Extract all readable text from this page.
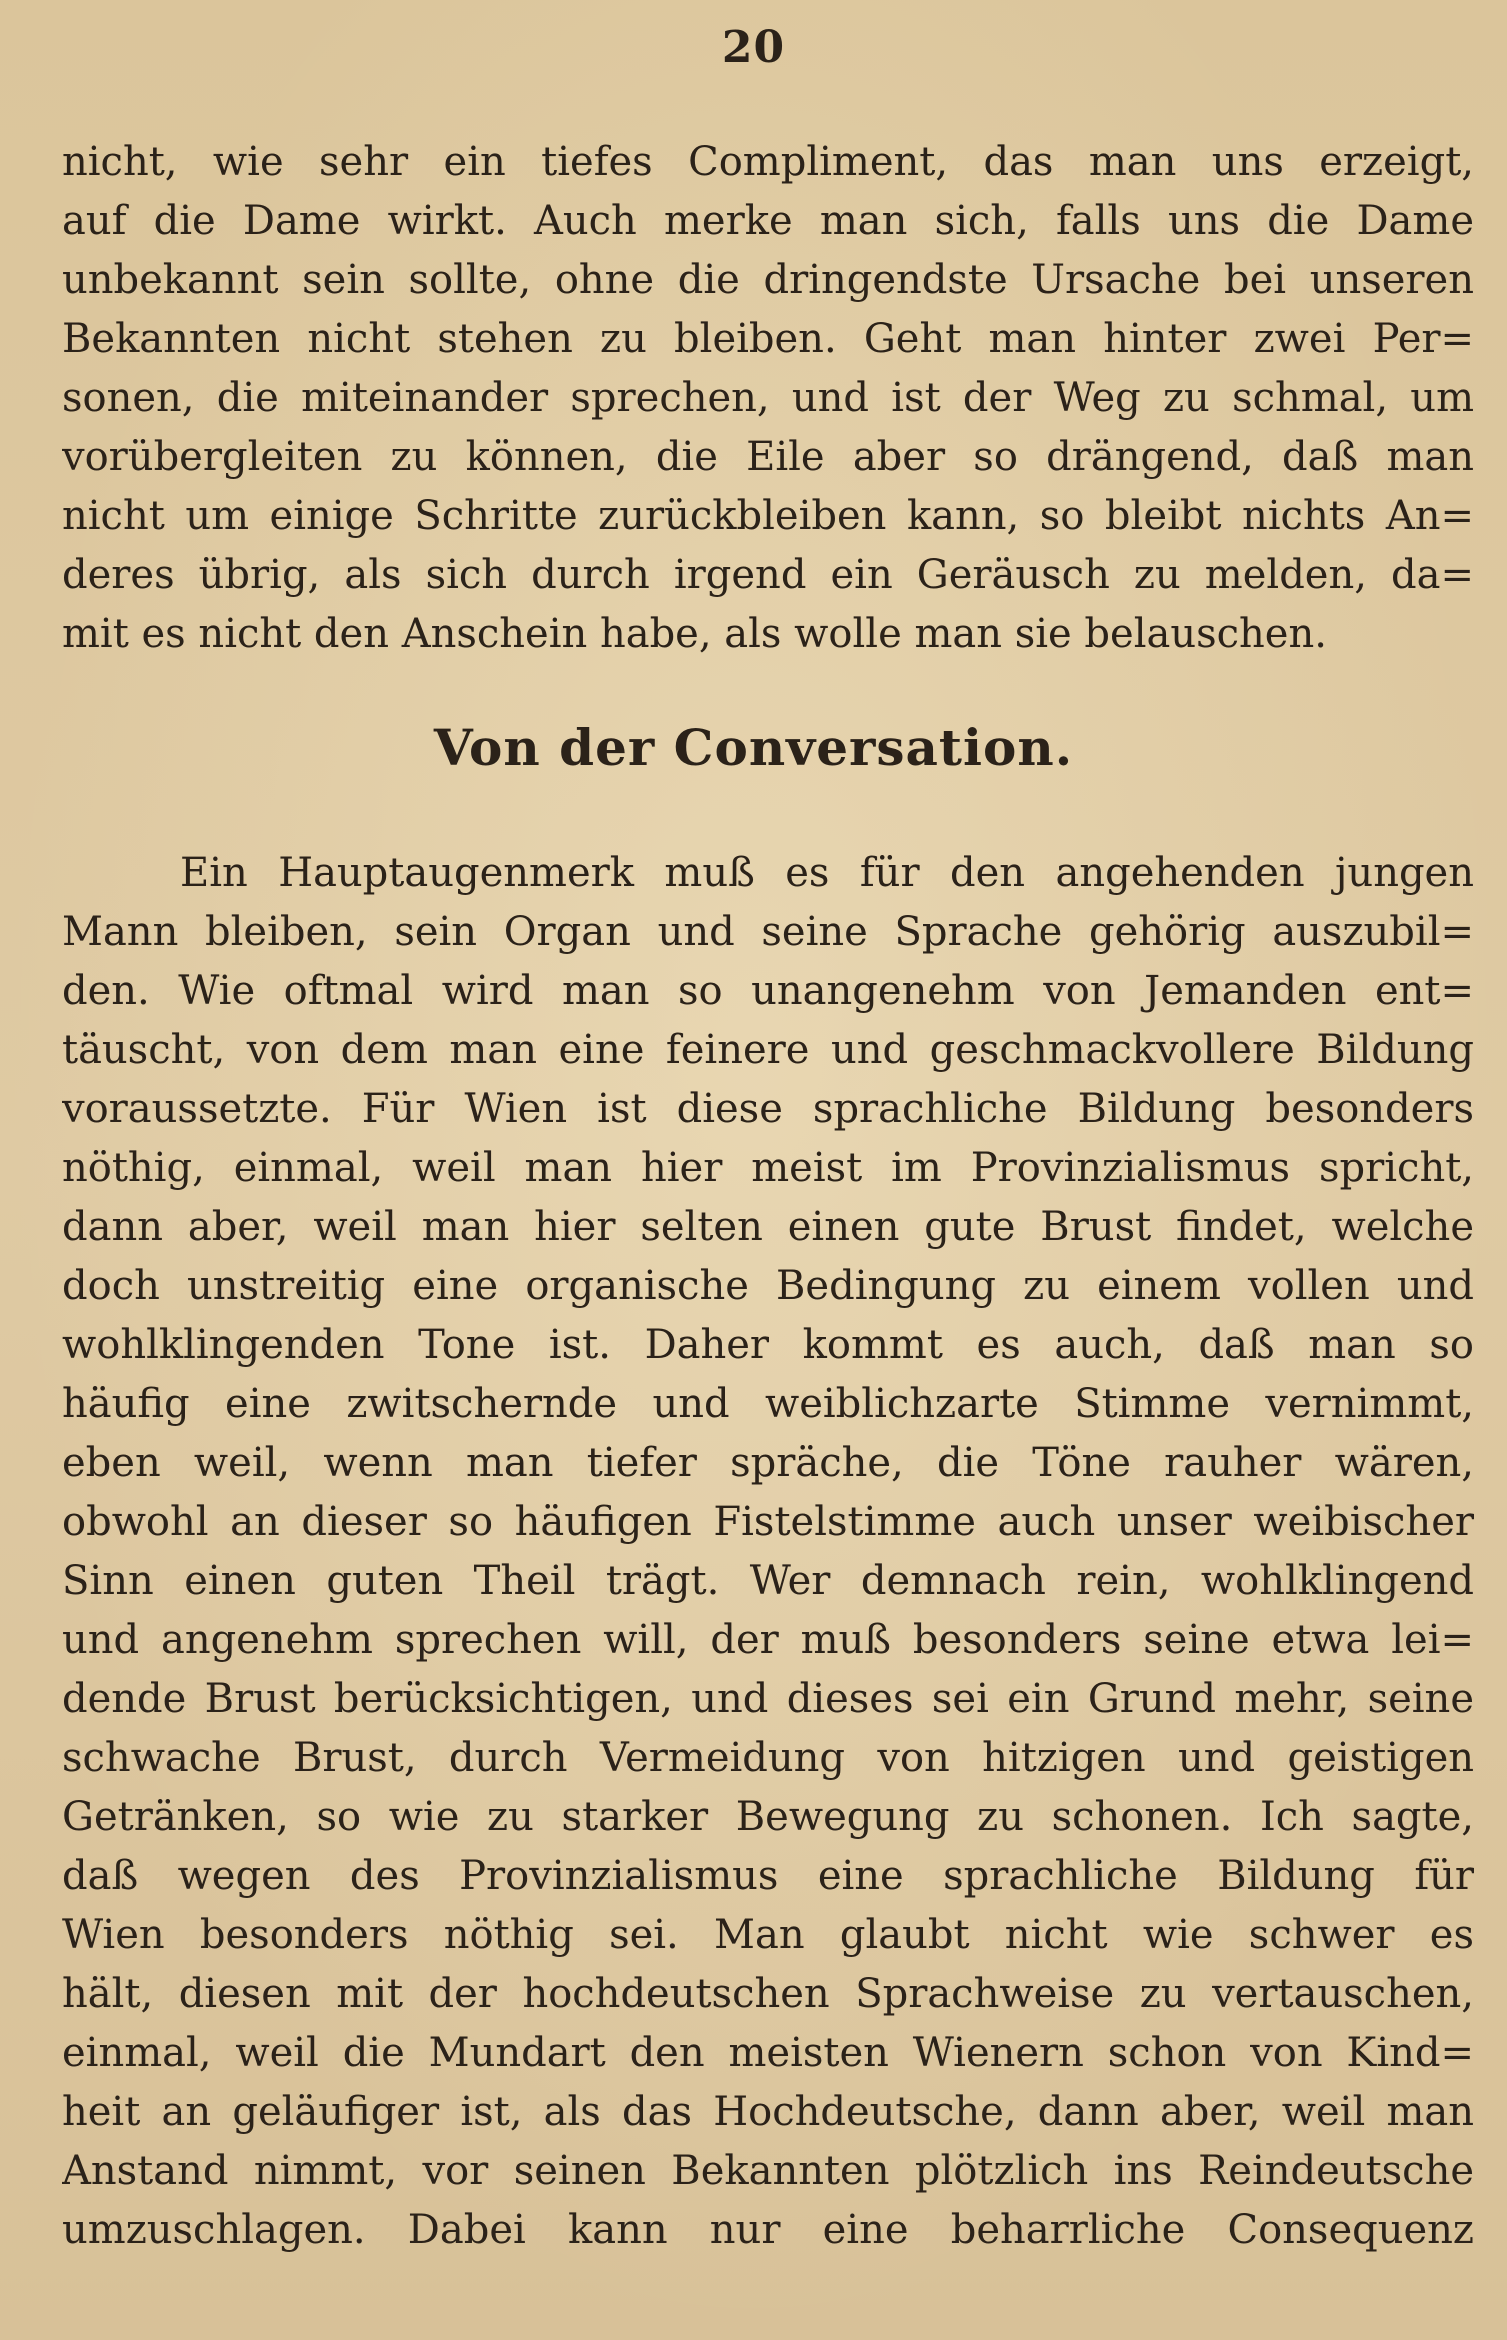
20
nicht, wie sehr ein tiefes Compliment, das man uns erzeigt,
auf die Dame wirkt. Auch merke man sich, falls uns die Dame
unbekannt sein sollte, ohne die dringendste Ursache bei unseren
Bekannten nicht stehen zu bleiben. Geht man hinter zwei Per=
sonen, die miteinander sprechen, und ist der Weg zu schmal, um
vorübergleiten zu können, die Eile aber so drängend, daß man
nicht um einige Schritte zurückbleiben kann, so bleibt nichts An=
deres übrig, als sich durch irgend ein Geräusch zu melden, da=
mit es nicht den Anschein habe, als wolle man sie belauschen.
Von der Conversation.
Ein Hauptaugenmerk muß es für den angehenden jungen
Mann bleiben, sein Organ und seine Sprache gehörig auszubil=
den. Wie oftmal wird man so unangenehm von Jemanden ent=
täuscht, von dem man eine feinere und geschmackvollere Bildung
voraussetzte. Für Wien ist diese sprachliche Bildung besonders
nöthig, einmal, weil man hier meist im Provinzialismus spricht,
dann aber, weil man hier selten einen gute Brust findet, welche
doch unstreitig eine organische Bedingung zu einem vollen und
wohlklingenden Tone ist. Daher kommt es auch, daß man so
häufig eine zwitschernde und weiblichzarte Stimme vernimmt,
eben weil, wenn man tiefer spräche, die Töne rauher wären,
obwohl an dieser so häufigen Fistelstimme auch unser weibischer
Sinn einen guten Theil trägt. Wer demnach rein, wohlklingend
und angenehm sprechen will, der muß besonders seine etwa lei=
dende Brust berücksichtigen, und dieses sei ein Grund mehr, seine
schwache Brust, durch Vermeidung von hitzigen und geistigen
Getränken, so wie zu starker Bewegung zu schonen. Ich sagte,
daß wegen des Provinzialismus eine sprachliche Bildung für
Wien besonders nöthig sei. Man glaubt nicht wie schwer es
hält, diesen mit der hochdeutschen Sprachweise zu vertauschen,
einmal, weil die Mundart den meisten Wienern schon von Kind=
heit an geläufiger ist, als das Hochdeutsche, dann aber, weil man
Anstand nimmt, vor seinen Bekannten plötzlich ins Reindeutsche
umzuschlagen. Dabei kann nur eine beharrliche Consequenz
